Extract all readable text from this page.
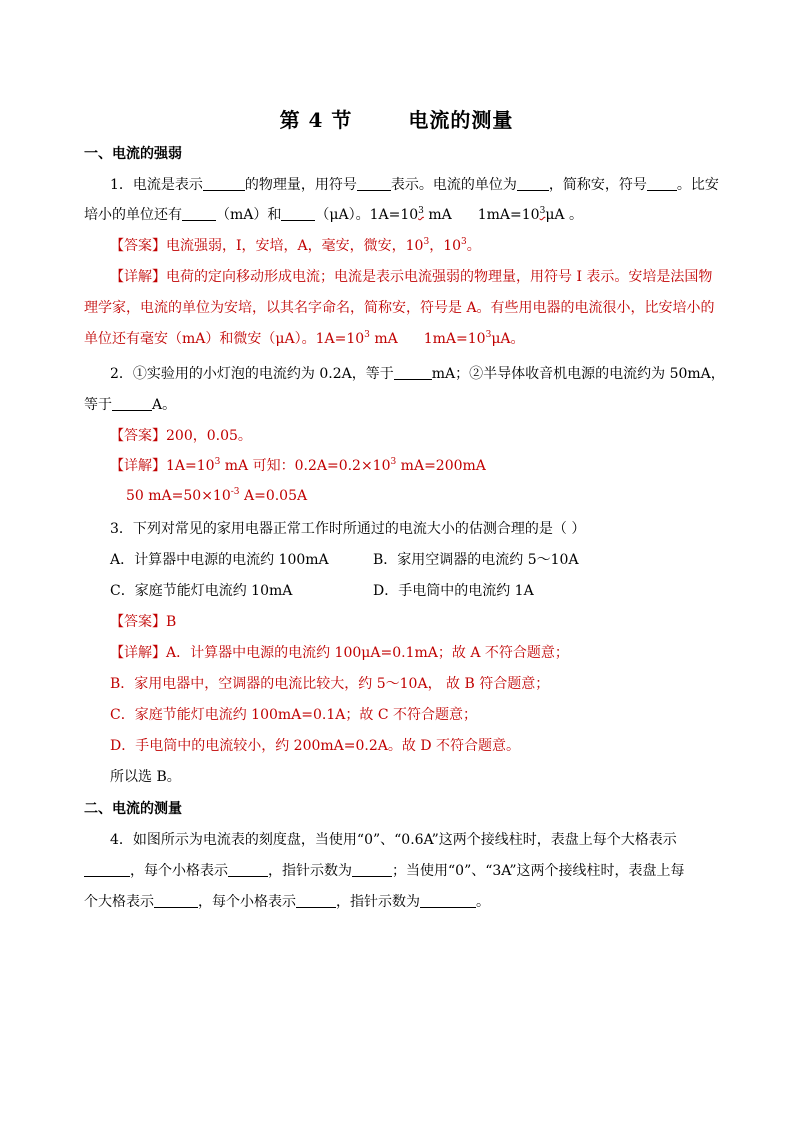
第 4 节	电流的测量
一、电流的强弱
1．电流是表示	的物理量，用符号 表示。电流的单位为 ，简称安，符号 。比安
培小的单位还有 （mA）和 （μA）。$1A=10^3$ mA $1mA=10^3\mu A$ 。
【答案】电流强弱，I，安培，A，毫安，微安，$10^3$，$10^3$。
【详解】电荷的定向移动形成电流；电流是表示电流强弱的物理量，用符号 I 表示。安培是法国物
理学家，电流的单位为安培，以其名字命名，简称安，符号是 A。有些用电器的电流很小，比安培小的
单位还有毫安（mA）和微安（μA）。$1A=10^3$ mA $1mA=10^3\mu A$。
2．①实验用的小灯泡的电流约为 0.2A，等于	mA；②半导体收音机电源的电流约为 50mA，
等于	A。
【答案】200，0.05。
【详解】$1A=10^3$ mA 可知：$0.2A=0.2\times 10^3$ mA=200mA
50 $mA=50\times 10^{-3}$ A=0.05A
3．下列对常见的家用电器正常工作时所通过的电流大小的估测合理的是（ ）
A．计算器中电源的电流约 100mA	B．家用空调器的电流约 5～10A
C．家庭节能灯电流约 10mA	D．手电筒中的电流约 1A
【答案】B
【详解】A．计算器中电源的电流约 100μA=0.1mA；故 A 不符合题意；
B．家用电器中，空调器的电流比较大，约 5～10A， 故 B 符合题意；
C．家庭节能灯电流约 100mA=0.1A；故 C 不符合题意；
D．手电筒中的电流较小，约 200mA=0.2A。故 D 不符合题意。
所以选 B。
二、电流的测量
4．如图所示为电流表的刻度盘，当使用“0”、“0.6A”这两个接线柱时，表盘上每个大格表示
，每个小格表示	，指针示数为	；当使用“0”、“3A”这两个接线柱时，表盘上每
个大格表示	，每个小格表示	，指针示数为	。
